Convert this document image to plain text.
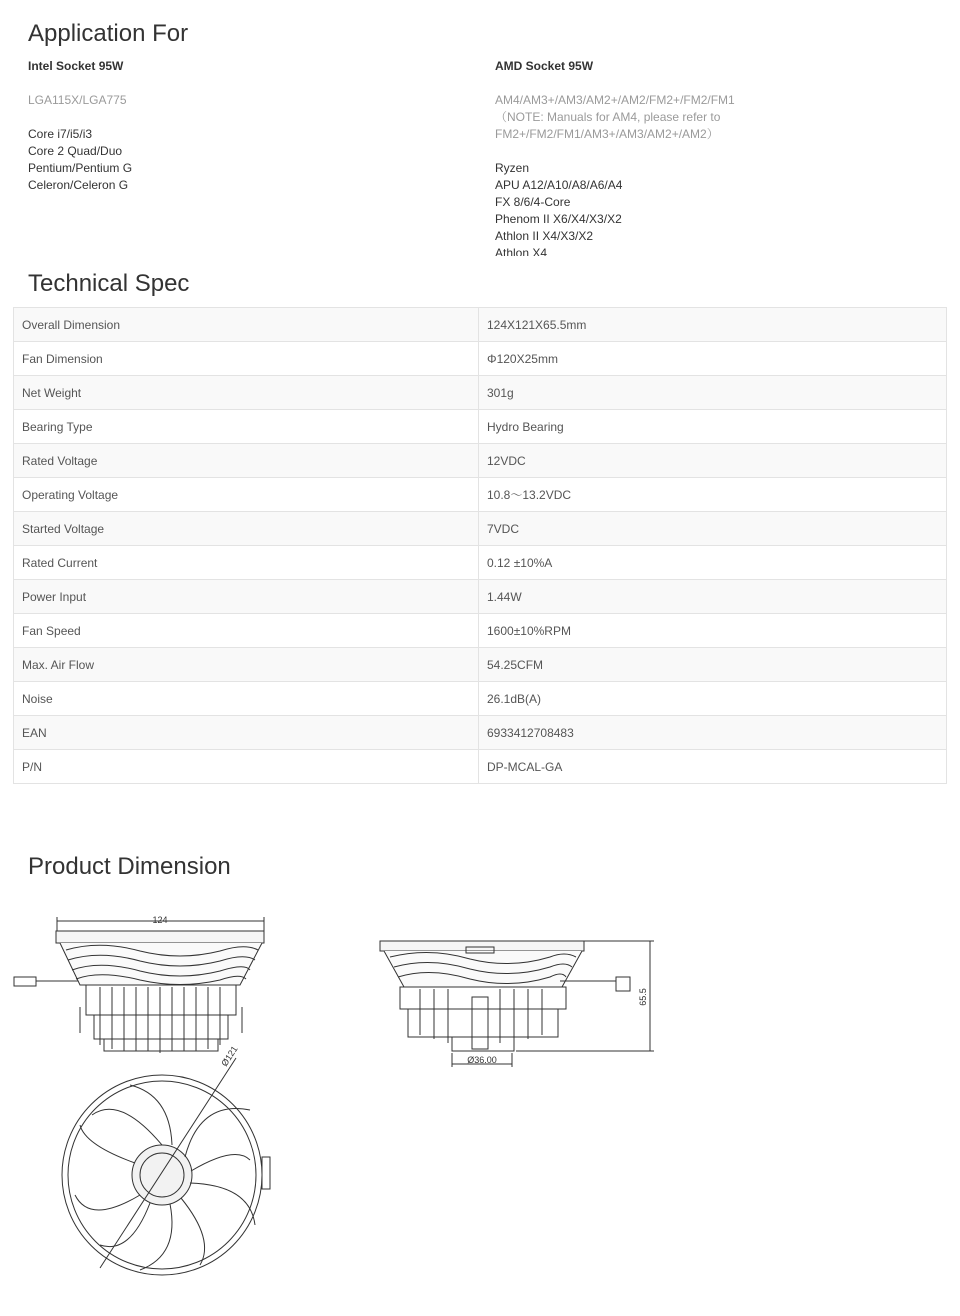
Application For
Intel Socket 95W
LGA115X/LGA775
Core i7/i5/i3
Core 2 Quad/Duo
Pentium/Pentium G
Celeron/Celeron G
AMD Socket 95W
AM4/AM3+/AM3/AM2+/AM2/FM2+/FM2/FM1
（NOTE: Manuals for AM4, please refer to
FM2+/FM2/FM1/AM3+/AM3/AM2+/AM2）
Ryzen
APU A12/A10/A8/A6/A4
FX 8/6/4-Core
Phenom II X6/X4/X3/X2
Athlon II X4/X3/X2
Athlon X4
Technical Spec
Overall Dimension	124X121X65.5mm
Fan Dimension	Φ120X25mm
Net Weight	301g
Bearing Type	Hydro Bearing
Rated Voltage	12VDC
Operating Voltage	10.8～13.2VDC
Started Voltage	7VDC
Rated Current	0.12 ±10%A
Power Input	1.44W
Fan Speed	1600±10%RPM
Max. Air Flow	54.25CFM
Noise	26.1dB(A)
EAN	6933412708483
P/N	DP-MCAL-GA
Product Dimension
124
Ø121
65.5
Ø36.00
